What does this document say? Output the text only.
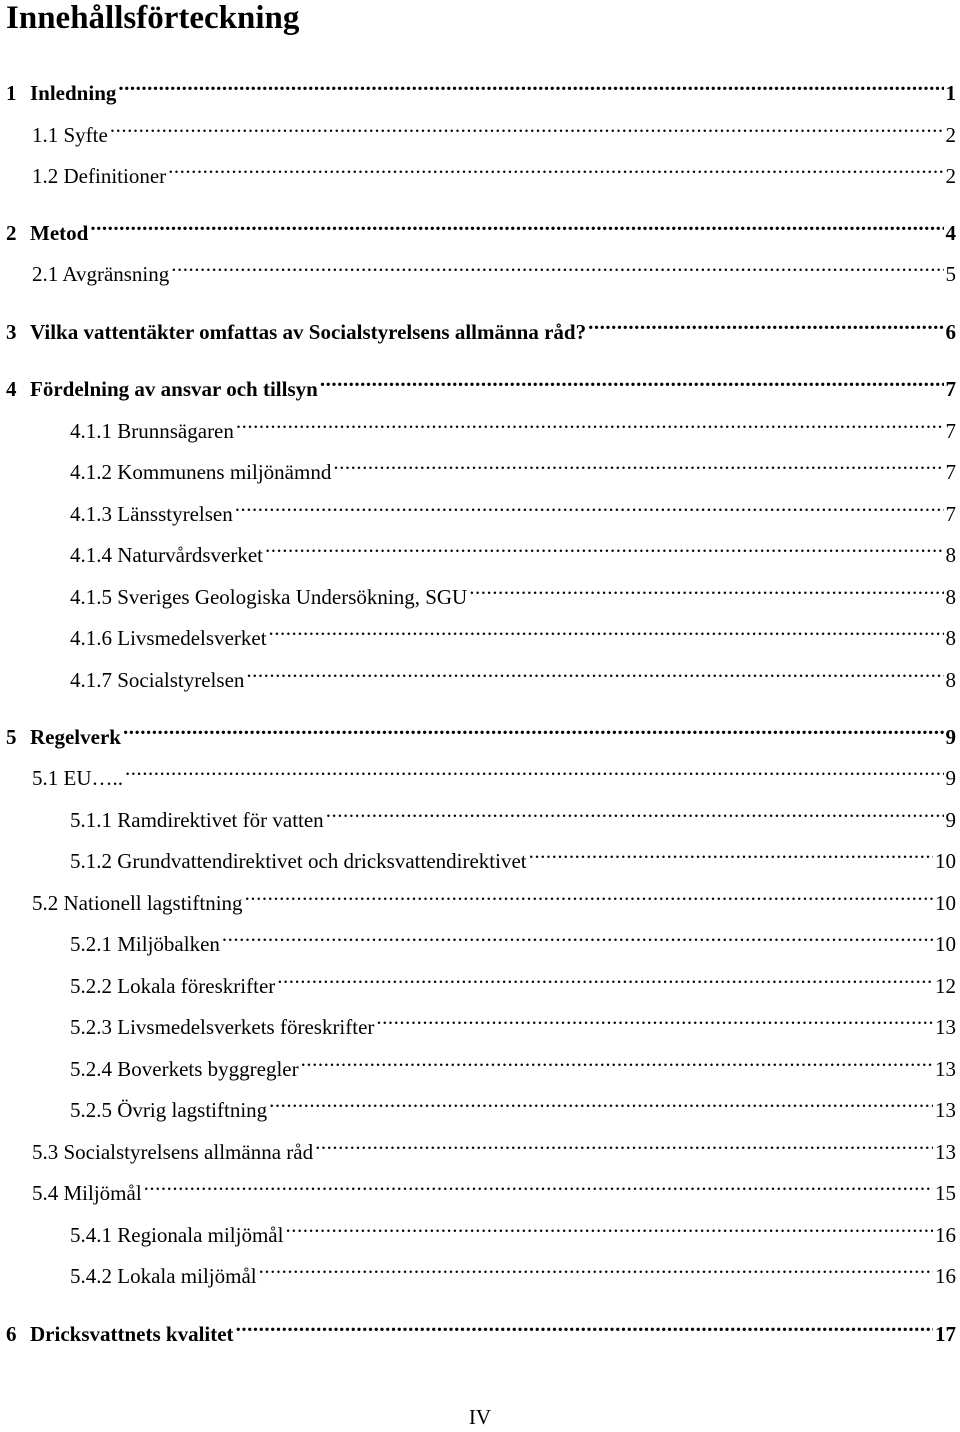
Innehållsförteckning
1 Inledning .....	1
1.1 Syfte .....	2
1.2 Definitioner .....	2
2 Metod .....	4
2.1 Avgränsning .....	5
3 Vilka vattentäkter omfattas av Socialstyrelsens allmänna råd? .....	6
4 Fördelning av ansvar och tillsyn .....	7
4.1.1 Brunnsägaren .....	7
4.1.2 Kommunens miljönämnd .....	7
4.1.3 Länsstyrelsen .....	7
4.1.4 Naturvårdsverket .....	8
4.1.5 Sveriges Geologiska Undersökning, SGU .....	8
4.1.6 Livsmedelsverket .....	8
4.1.7 Socialstyrelsen .....	8
5 Regelverk .....	9
5.1 EU….. .....	9
5.1.1 Ramdirektivet för vatten .....	9
5.1.2 Grundvattendirektivet och dricksvattendirektivet .....	10
5.2 Nationell lagstiftning .....	10
5.2.1 Miljöbalken .....	10
5.2.2 Lokala föreskrifter .....	12
5.2.3 Livsmedelsverkets föreskrifter .....	13
5.2.4 Boverkets byggregler .....	13
5.2.5 Övrig lagstiftning .....	13
5.3 Socialstyrelsens allmänna råd .....	13
5.4 Miljömål .....	15
5.4.1 Regionala miljömål .....	16
5.4.2 Lokala miljömål .....	16
6 Dricksvattnets kvalitet .....	17
IV
